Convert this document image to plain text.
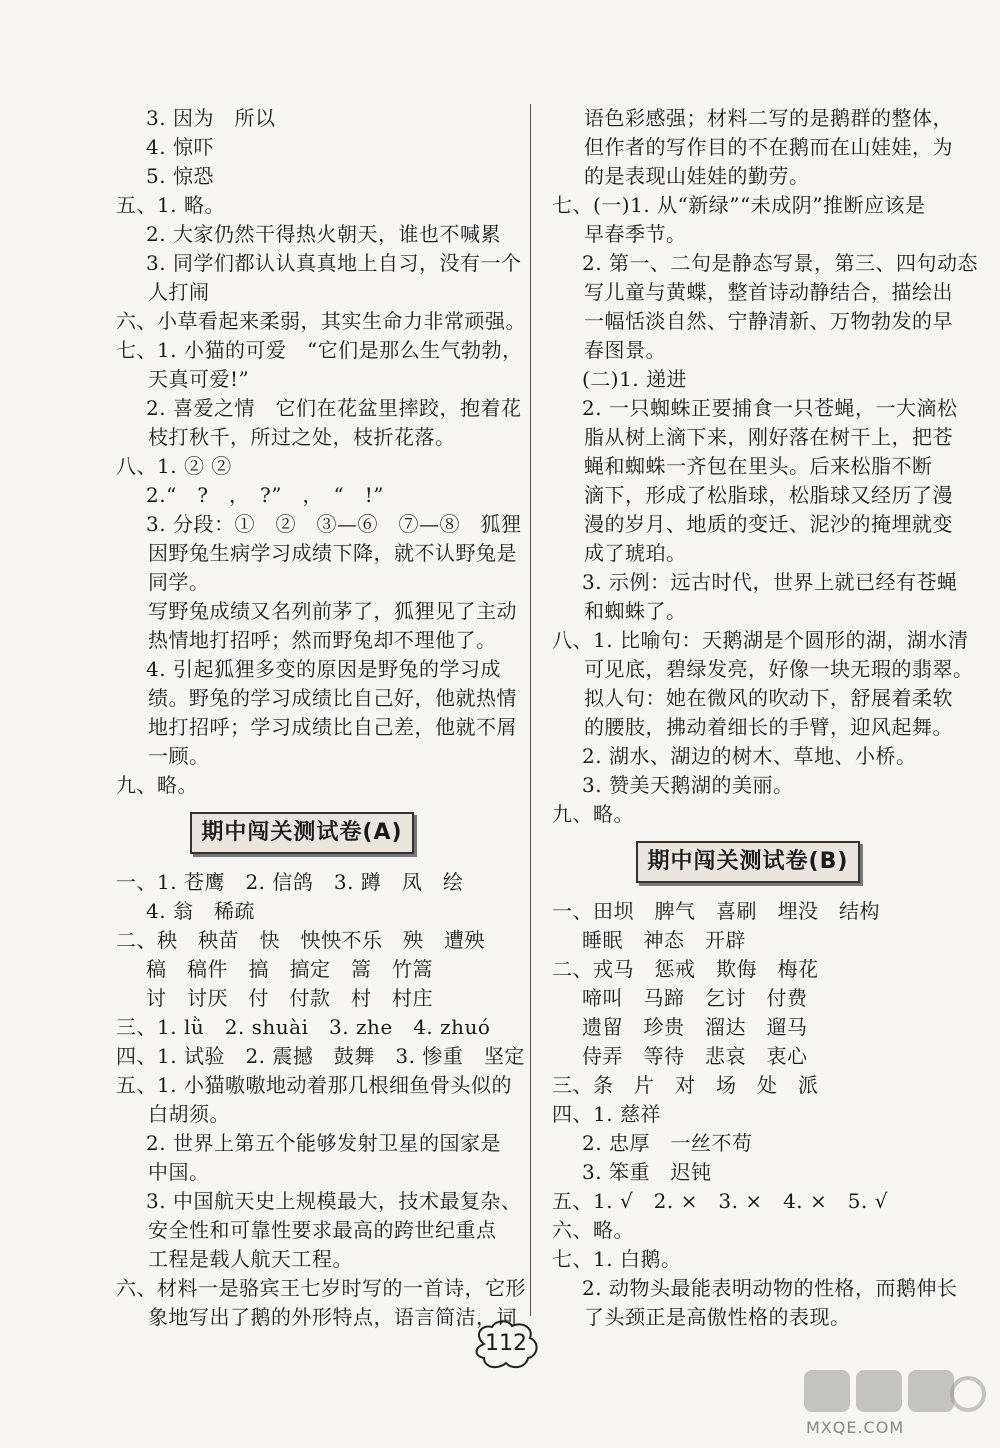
3. 因为　所以
4. 惊吓
5. 惊恐
五、1. 略。
2. 大家仍然干得热火朝天，谁也不喊累
3. 同学们都认认真真地上自习，没有一个
人打闹
六、小草看起来柔弱，其实生命力非常顽强。
七、1. 小猫的可爱　“它们是那么生气勃勃，
天真可爱!”
2. 喜爱之情　它们在花盆里摔跤，抱着花
枝打秋千，所过之处，枝折花落。
八、1. ② ②
2.“　?　，　?”　，　“　!”
3. 分段：①　②　③—⑥　⑦—⑧　狐狸
因野兔生病学习成绩下降，就不认野兔是
同学。
写野兔成绩又名列前茅了，狐狸见了主动
热情地打招呼；然而野兔却不理他了。
4. 引起狐狸多变的原因是野兔的学习成
绩。野兔的学习成绩比自己好，他就热情
地打招呼；学习成绩比自己差，他就不屑
一顾。
九、略。
期中闯关测试卷(A)
一、1. 苍鹰　2. 信鸽　3. 蹲　凤　绘
4. 翁　稀疏
二、秧　秧苗　快　怏怏不乐　殃　遭殃
稿　稿件　搞　搞定　篙　竹篙
讨　讨厌　付　付款　村　村庄
三、1. lǜ　2. shuài　3. zhe　4. zhuó
四、1. 试验　2. 震撼　鼓舞　3. 惨重　坚定
五、1. 小猫嗷嗷地动着那几根细鱼骨头似的
白胡须。
2. 世界上第五个能够发射卫星的国家是
中国。
3. 中国航天史上规模最大，技术最复杂、
安全性和可靠性要求最高的跨世纪重点
工程是载人航天工程。
六、材料一是骆宾王七岁时写的一首诗，它形
象地写出了鹅的外形特点，语言简洁，词
语色彩感强；材料二写的是鹅群的整体，
但作者的写作目的不在鹅而在山娃娃，为
的是表现山娃娃的勤劳。
七、(一)1. 从“新绿”“未成阴”推断应该是
早春季节。
2. 第一、二句是静态写景，第三、四句动态
写儿童与黄蝶，整首诗动静结合，描绘出
一幅恬淡自然、宁静清新、万物勃发的早
春图景。
(二)1. 递进
2. 一只蜘蛛正要捕食一只苍蝇，一大滴松
脂从树上滴下来，刚好落在树干上，把苍
蝇和蜘蛛一齐包在里头。后来松脂不断
滴下，形成了松脂球，松脂球又经历了漫
漫的岁月、地质的变迁、泥沙的掩埋就变
成了琥珀。
3. 示例：远古时代，世界上就已经有苍蝇
和蜘蛛了。
八、1. 比喻句：天鹅湖是个圆形的湖，湖水清
可见底，碧绿发亮，好像一块无瑕的翡翠。
拟人句：她在微风的吹动下，舒展着柔软
的腰肢，拂动着细长的手臂，迎风起舞。
2. 湖水、湖边的树木、草地、小桥。
3. 赞美天鹅湖的美丽。
九、略。
期中闯关测试卷(B)
一、田坝　脾气　喜刷　埋没　结构
睡眠　神态　开辟
二、戎马　惩戒　欺侮　梅花
啼叫　马蹄　乞讨　付费
遗留　珍贵　溜达　遛马
侍弄　等待　悲哀　衷心
三、条　片　对　场　处　派
四、1. 慈祥
2. 忠厚　一丝不苟
3. 笨重　迟钝
五、1. √　2. ×　3. ×　4. ×　5. √
六、略。
七、1. 白鹅。
2. 动物头最能表明动物的性格，而鹅伸长
了头颈正是高傲性格的表现。
112
MXQE.COM
